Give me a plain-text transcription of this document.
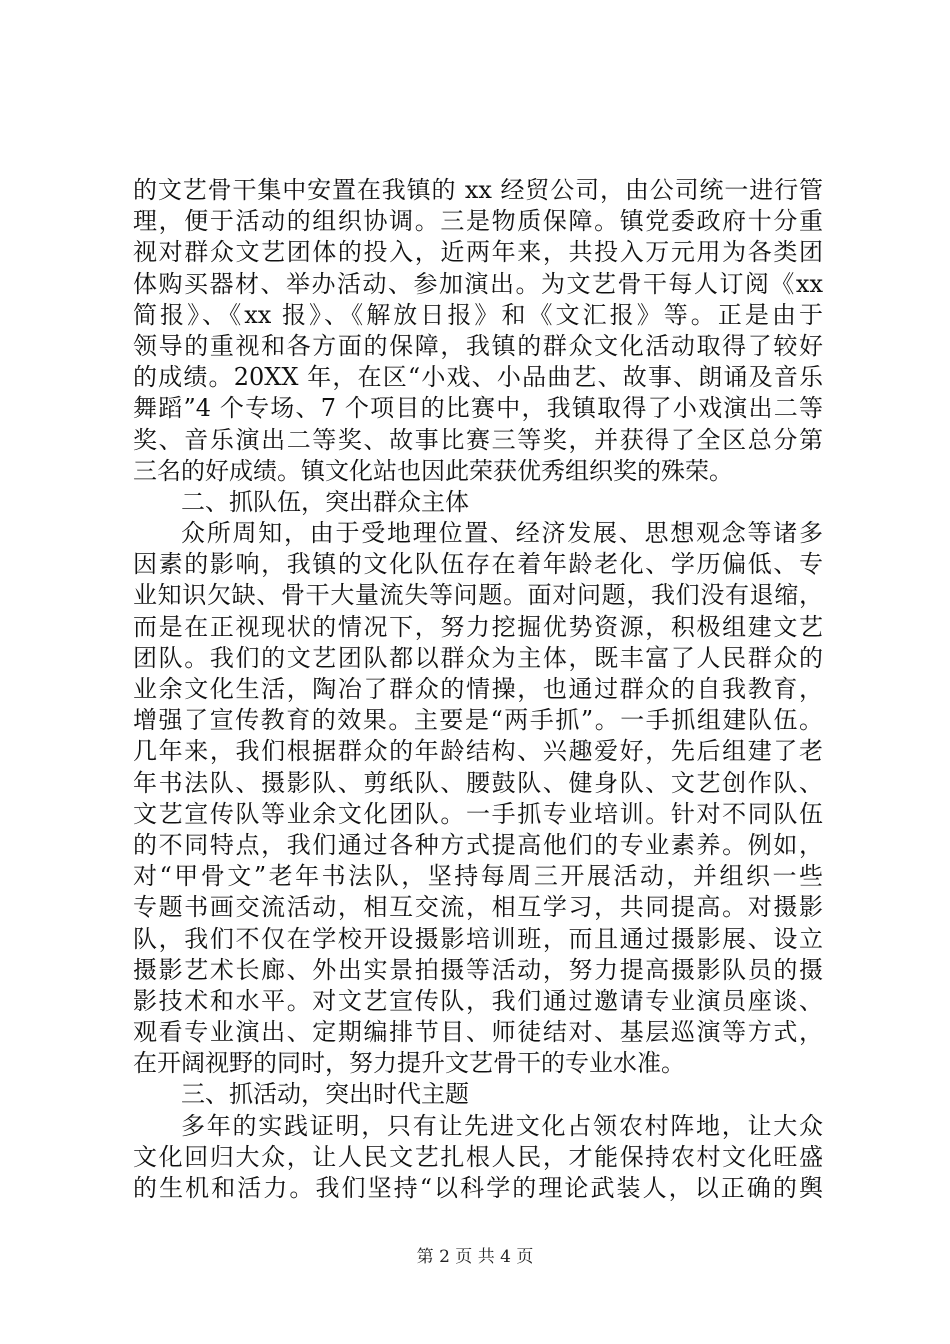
的文艺骨干集中安置在我镇的 xx 经贸公司，由公司统一进行管
理，便于活动的组织协调。三是物质保障。镇党委政府十分重
视对群众文艺团体的投入，近两年来，共投入万元用为各类团
体购买器材、举办活动、参加演出。为文艺骨干每人订阅《xx
简报》、《xx 报》、《解放日报》和《文汇报》等。正是由于
领导的重视和各方面的保障，我镇的群众文化活动取得了较好
的成绩。20XX 年，在区“小戏、小品曲艺、故事、朗诵及音乐
舞蹈”4 个专场、7 个项目的比赛中，我镇取得了小戏演出二等
奖、音乐演出二等奖、故事比赛三等奖，并获得了全区总分第
三名的好成绩。镇文化站也因此荣获优秀组织奖的殊荣。
二、抓队伍，突出群众主体
众所周知，由于受地理位置、经济发展、思想观念等诸多
因素的影响，我镇的文化队伍存在着年龄老化、学历偏低、专
业知识欠缺、骨干大量流失等问题。面对问题，我们没有退缩，
而是在正视现状的情况下，努力挖掘优势资源，积极组建文艺
团队。我们的文艺团队都以群众为主体，既丰富了人民群众的
业余文化生活，陶冶了群众的情操，也通过群众的自我教育，
增强了宣传教育的效果。主要是“两手抓”。一手抓组建队伍。
几年来，我们根据群众的年龄结构、兴趣爱好，先后组建了老
年书法队、摄影队、剪纸队、腰鼓队、健身队、文艺创作队、
文艺宣传队等业余文化团队。一手抓专业培训。针对不同队伍
的不同特点，我们通过各种方式提高他们的专业素养。例如，
对“甲骨文”老年书法队，坚持每周三开展活动，并组织一些
专题书画交流活动，相互交流，相互学习，共同提高。对摄影
队，我们不仅在学校开设摄影培训班，而且通过摄影展、设立
摄影艺术长廊、外出实景拍摄等活动，努力提高摄影队员的摄
影技术和水平。对文艺宣传队，我们通过邀请专业演员座谈、
观看专业演出、定期编排节目、师徒结对、基层巡演等方式，
在开阔视野的同时，努力提升文艺骨干的专业水准。
三、抓活动，突出时代主题
多年的实践证明，只有让先进文化占领农村阵地，让大众
文化回归大众，让人民文艺扎根人民，才能保持农村文化旺盛
的生机和活力。我们坚持“以科学的理论武装人，以正确的舆
第 2 页 共 4 页
